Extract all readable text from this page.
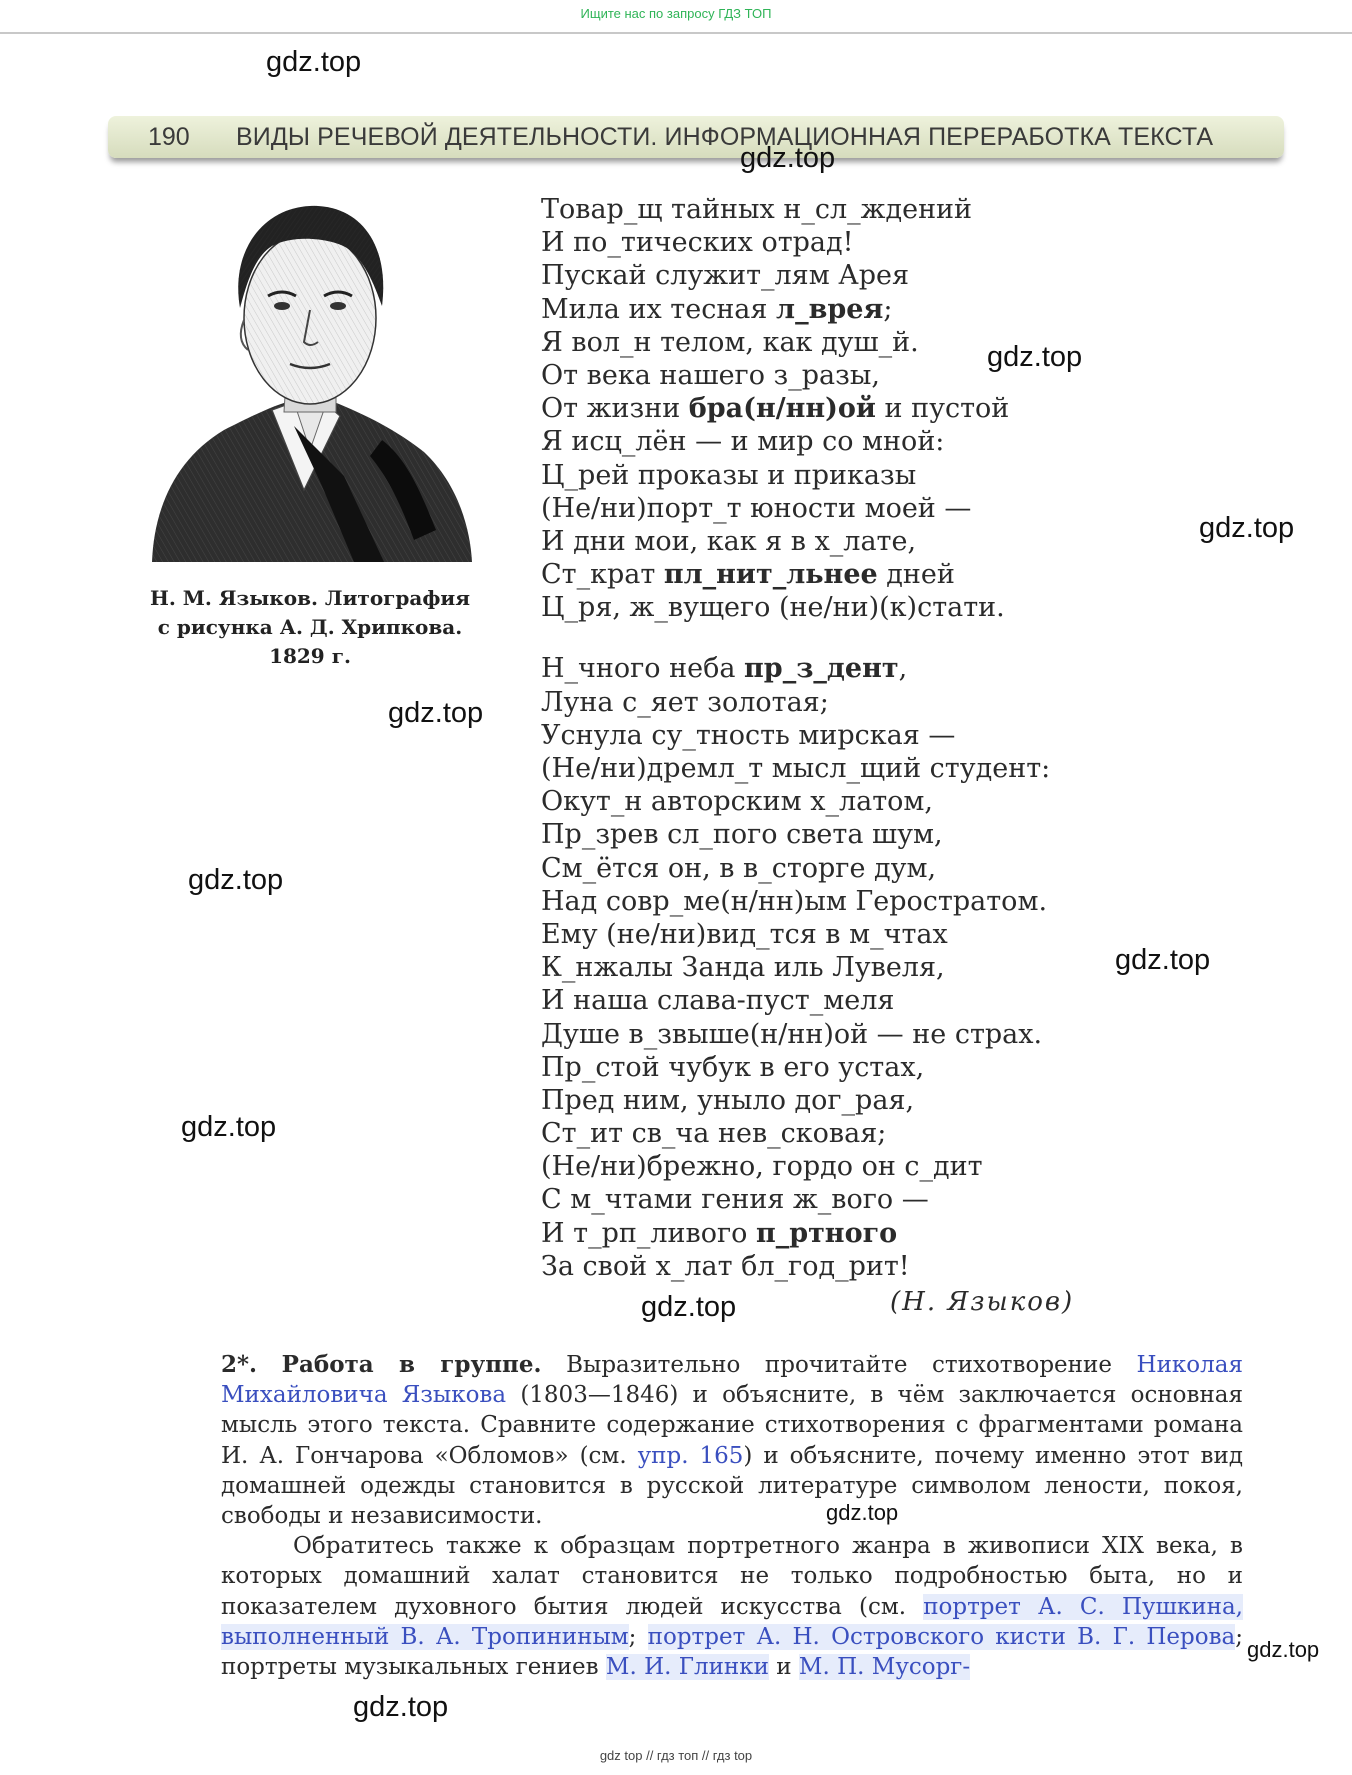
Ищите нас по запросу ГДЗ ТОП
gdz.top
190 ВИДЫ РЕЧЕВОЙ ДЕЯТЕЛЬНОСТИ. ИНФОРМАЦИОННАЯ ПЕРЕРАБОТКА ТЕКСТА
gdz.top
Н. М. Языков. Литография
с рисунка А. Д. Хрипкова.
1829 г.
gdz.top
gdz.top
gdz.top
gdz.top
gdz.top
gdz.top
Товар_щ тайных н_сл_ждений
И по_тических отрад!
Пускай служит_лям Арея
Мила их тесная л_врея;
Я вол_н телом, как душ_й.
От века нашего з_разы,
От жизни бра(н/нн)ой и пустой
Я исц_лён — и мир со мной:
Ц_рей проказы и приказы
(Не/ни)порт_т юности моей —
И дни мои, как я в х_лате,
Ст_крат пл_нит_льнее дней
Ц_ря, ж_вущего (не/ни)(к)стати.
Н_чного неба пр_з_дент,
Луна с_яет золотая;
Уснула су_тность мирская —
(Не/ни)дремл_т мысл_щий студент:
Окут_н авторским х_латом,
Пр_зрев сл_пого света шум,
См_ётся он, в в_сторге дум,
Над совр_ме(н/нн)ым Геростратом.
Ему (не/ни)вид_тся в м_чтах
К_нжалы Занда иль Лувеля,
И наша слава-пуст_меля
Душе в_звыше(н/нн)ой — не страх.
Пр_стой чубук в его устах,
Пред ним, уныло дог_рая,
Ст_ит св_ча нев_сковая;
(Не/ни)брежно, гордо он с_дит
С м_чтами гения ж_вого —
И т_рп_ливого п_ртного
За свой х_лат бл_год_рит!
(Н. Языков)
gdz.top

2*. Работа в группе. Выразительно прочитайте стихотворение Николая Михайловича Языкова (1803—1846) и объясните, в чём заключается основная мысль этого текста. Сравните содержание стихотворения с фрагментами романа И. А. Гончарова «Обломов» (см. упр. 165) и объясните, почему именно этот вид домашней одежды становится в русской литературе символом лености, покоя, свободы и независимости.

Обратитесь также к образцам портретного жанра в живописи XIX века, в которых домашний халат становится не только подробностью быта, но и показателем духовного бытия людей искусства (см. портрет А. С. Пушкина, выполненный В. А. Тропининым; портрет А. Н. Островского кисти В. Г. Перова; портреты музыкальных гениев М. И. Глинки и М. П. Мусорг-

gdz.top
gdz.top
gdz.top
gdz top // гдз топ // гдз top
